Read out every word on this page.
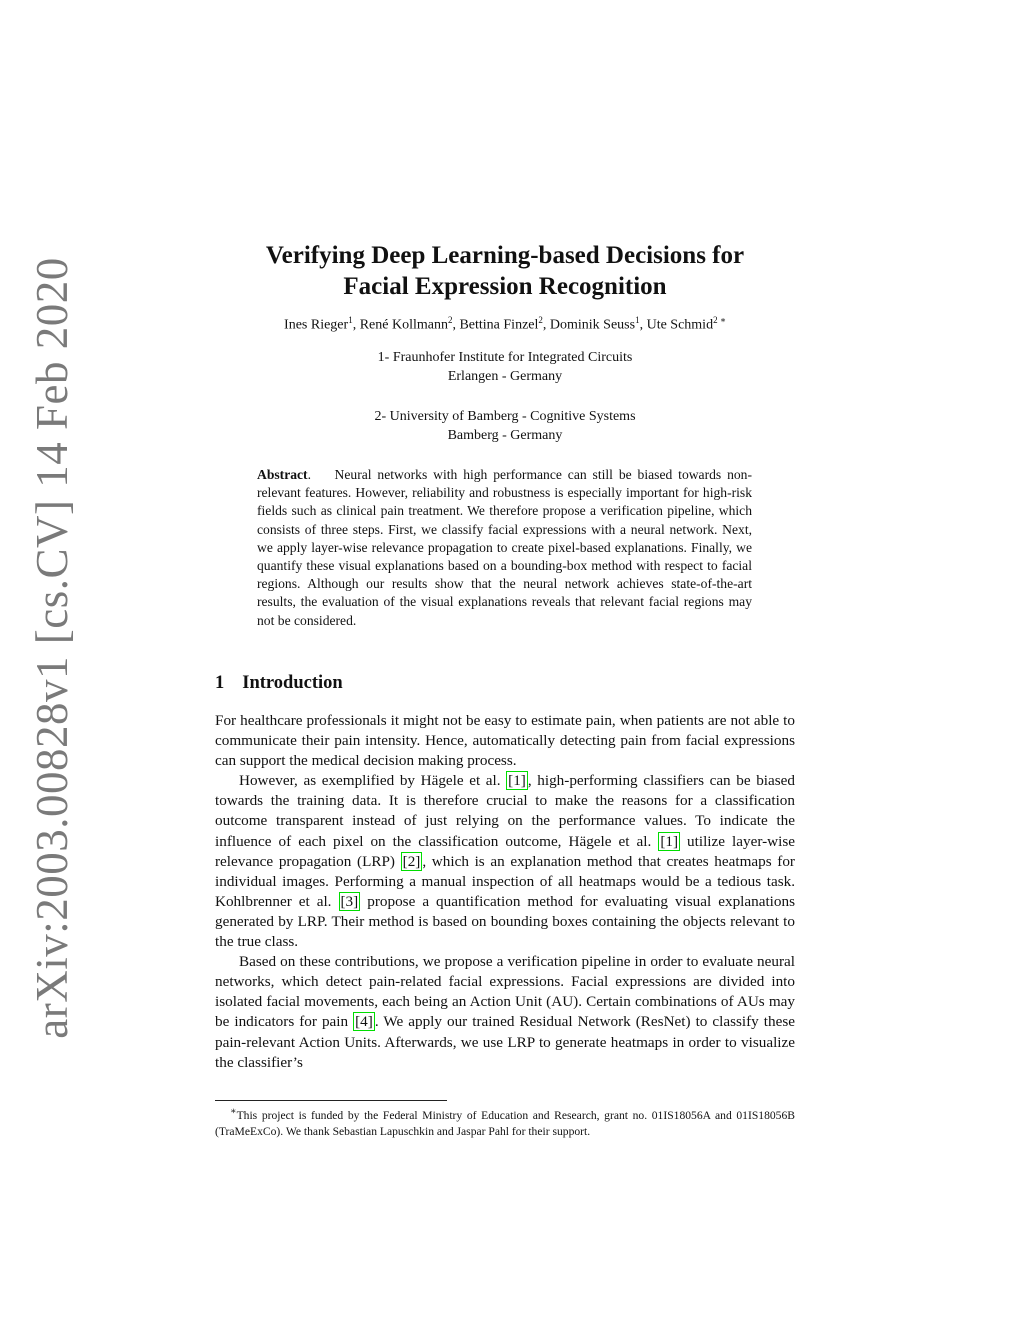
arXiv:2003.00828v1 [cs.CV] 14 Feb 2020
Verifying Deep Learning-based Decisions for
Facial Expression Recognition
Ines Rieger$^1$, René Kollmann$^2$, Bettina Finzel$^2$, Dominik Seuss$^1$, Ute Schmid$^2$ ∗
1- Fraunhofer Institute for Integrated Circuits
Erlangen - Germany
2- University of Bamberg - Cognitive Systems
Bamberg - Germany

Abstract. Neural networks with high performance can still be biased towards non-relevant features. However, reliability and robustness is especially important for high-risk fields such as clinical pain treatment. We therefore propose a verification pipeline, which consists of three steps. First, we classify facial expressions with a neural network. Next, we apply layer-wise relevance propagation to create pixel-based explanations. Finally, we quantify these visual explanations based on a bounding-box method with respect to facial regions. Although our results show that the neural network achieves state-of-the-art results, the evaluation of the visual explanations reveals that relevant facial regions may not be considered.

1 Introduction

For healthcare professionals it might not be easy to estimate pain, when patients are not able to communicate their pain intensity. Hence, automatically detecting pain from facial expressions can support the medical decision making process.

However, as exemplified by Hägele et al. [1] , high-performing classifiers can be biased towards the training data. It is therefore crucial to make the reasons for a classification outcome transparent instead of just relying on the performance values. To indicate the influence of each pixel on the classification outcome, Hägele et al. [1] utilize layer-wise relevance propagation (LRP) [2] , which is an explanation method that creates heatmaps for individual images. Performing a manual inspection of all heatmaps would be a tedious task. Kohlbrenner et al. [3] propose a quantification method for evaluating visual explanations generated by LRP. Their method is based on bounding boxes containing the objects relevant to the true class.

Based on these contributions, we propose a verification pipeline in order to evaluate neural networks, which detect pain-related facial expressions. Facial expressions are divided into isolated facial movements, each being an Action Unit (AU). Certain combinations of AUs may be indicators for pain [4] . We apply our trained Residual Network (ResNet) to classify these pain-relevant Action Units. Afterwards, we use LRP to generate heatmaps in order to visualize the classifier’s

∗This project is funded by the Federal Ministry of Education and Research, grant no. 01IS18056A and 01IS18056B (TraMeExCo). We thank Sebastian Lapuschkin and Jaspar Pahl for their support.
